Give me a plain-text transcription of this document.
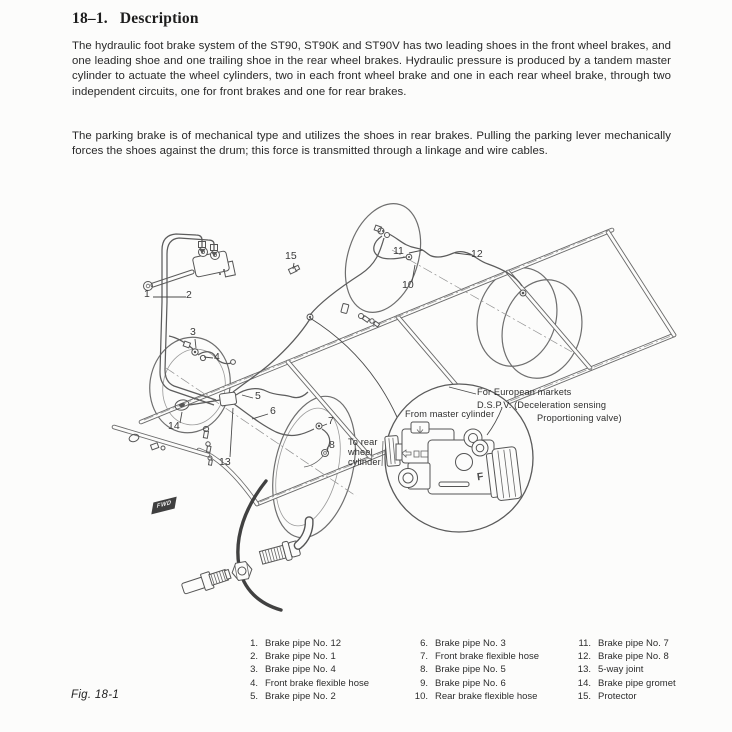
18–1. Description
The hydraulic foot brake system of the ST90, ST90K and ST90V has two leading shoes in the front wheel brakes, and one leading shoe and one trailing shoe in the rear wheel brakes. Hydraulic pressure is produced by a tandem master cylinder to actuate the wheel cylinders, two in each front wheel brake and one in each rear wheel brake, through two independent circuits, one for front brakes and one for rear brakes.
The parking brake is of mechanical type and utilizes the shoes in rear brakes. Pulling the parking lever mechanically forces the shoes against the drum; this force is transmitted through a linkage and wire cables.
1	2
3
4
5
6
7
8
10
11	12
13
14
15
For European markets
D.S.P.V. (Deceleration sensing
Proportioning valve)
From master cylinder
To rear
wheel
cylinder
F
FWD
1. Brake pipe No. 12
2. Brake pipe No. 1
3. Brake pipe No. 4
4. Front brake flexible hose
5. Brake pipe No. 2
6. Brake pipe No. 3
7. Front brake flexible hose
8. Brake pipe No. 5
9. Brake pipe No. 6
10. Rear brake flexible hose
11. Brake pipe No. 7
12. Brake pipe No. 8
13. 5-way joint
14. Brake pipe gromet
15. Protector
Fig. 18-1
